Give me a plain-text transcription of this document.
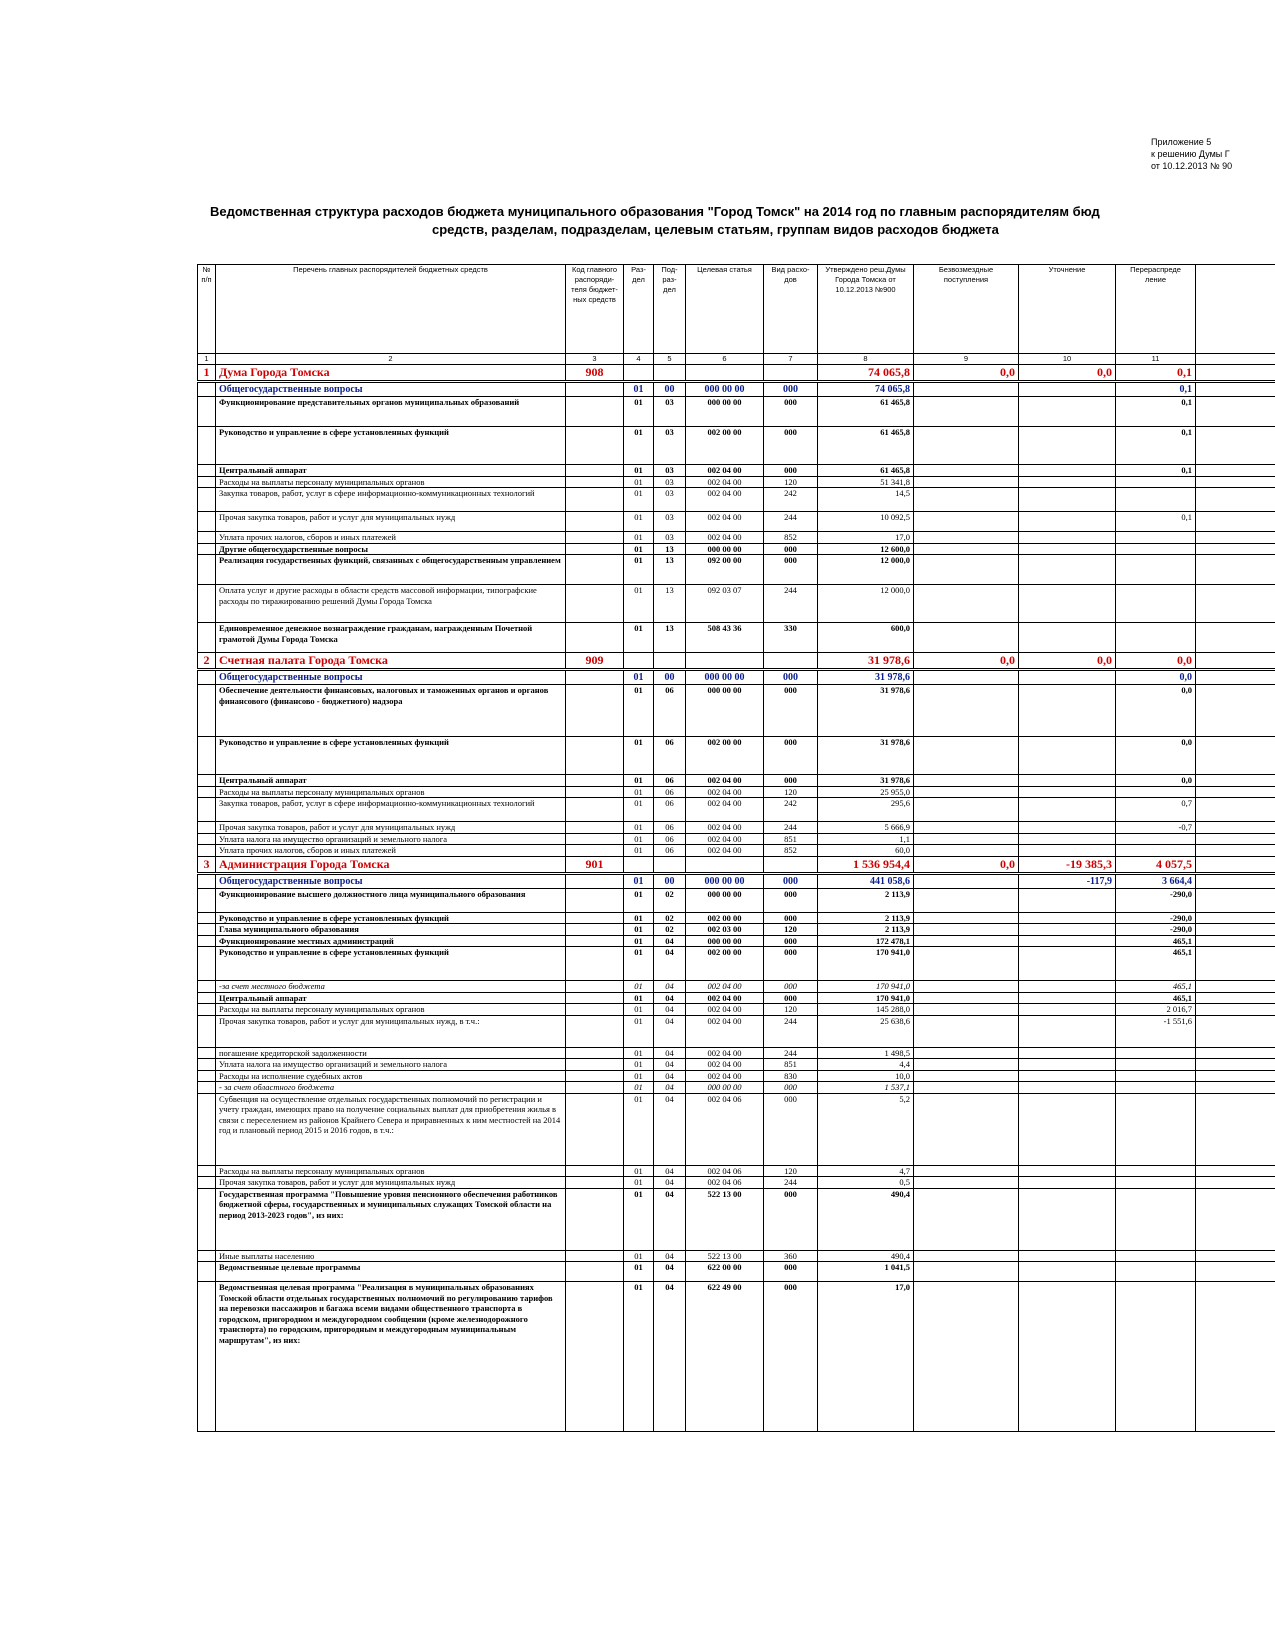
Приложение 5
к решению Думы Г
от 10.12.2013 № 90
Ведомственная структура расходов бюджета муниципального образования "Город Томск" на 2014 год по главным распорядителям бюд
средств, разделам, подразделам, целевым статьям, группам видов расходов бюджета
№ п/п	Перечень главных распорядителей бюджетных средств	Код главного распоряди-теля бюджет-ных средств	Раз-дел	Под-раз-дел	Целевая статья	Вид расхо-дов	Утверждено реш.Думы Города Томска от 10.12.2013 №900	Безвозмездные поступления	Уточнение	Перераспреде ление	
1	2	3	4	5	6	7	8	9	10	11	
1	Дума Города Томска	908					74 065,8	0,0	0,0	0,1	
	Общегосударственные вопросы		01	00	000 00 00	000	74 065,8			0,1	
	Функционирование представительных органов муниципальных образований		01	03	000 00 00	000	61 465,8			0,1	
	Руководство и управление в сфере установленных функций		01	03	002 00 00	000	61 465,8			0,1	
	Центральный аппарат		01	03	002 04 00	000	61 465,8			0,1	
	Расходы на выплаты персоналу муниципальных органов		01	03	002 04 00	120	51 341,8				
	Закупка товаров, работ, услуг в сфере информационно-коммуникационных технологий		01	03	002 04 00	242	14,5				
	Прочая закупка товаров, работ и услуг для муниципальных нужд		01	03	002 04 00	244	10 092,5			0,1	
	Уплата прочих налогов, сборов и иных платежей		01	03	002 04 00	852	17,0				
	Другие общегосударственные вопросы		01	13	000 00 00	000	12 600,0				
	Реализация государственных функций, связанных с общегосударственным управлением		01	13	092 00 00	000	12 000,0				
	Оплата услуг и другие расходы в области средств массовой информации, типографские расходы по тиражированию решений Думы Города Томска		01	13	092 03 07	244	12 000,0				
	Единовременное денежное вознаграждение гражданам, награжденным Почетной грамотой Думы Города Томска		01	13	508 43 36	330	600,0				
2	Счетная палата Города Томска	909					31 978,6	0,0	0,0	0,0	
	Общегосударственные вопросы		01	00	000 00 00	000	31 978,6			0,0	
	Обеспечение деятельности финансовых, налоговых и таможенных органов и органов финансового (финансово - бюджетного) надзора		01	06	000 00 00	000	31 978,6			0,0	
	Руководство и управление в сфере установленных функций		01	06	002 00 00	000	31 978,6			0,0	
	Центральный аппарат		01	06	002 04 00	000	31 978,6			0,0	
	Расходы на выплаты персоналу муниципальных органов		01	06	002 04 00	120	25 955,0				
	Закупка товаров, работ, услуг в сфере информационно-коммуникационных технологий		01	06	002 04 00	242	295,6			0,7	
	Прочая закупка товаров, работ и услуг для муниципальных нужд		01	06	002 04 00	244	5 666,9			-0,7	
	Уплата налога на имущество организаций и земельного налога		01	06	002 04 00	851	1,1				
	Уплата прочих налогов, сборов и иных платежей		01	06	002 04 00	852	60,0				
3	Администрация Города Томска	901					1 536 954,4	0,0	-19 385,3	4 057,5	
	Общегосударственные вопросы		01	00	000 00 00	000	441 058,6		-117,9	3 664,4	
	Функционирование высшего должностного лица муниципального образования		01	02	000 00 00	000	2 113,9			-290,0	
	Руководство и управление в сфере установленных функций		01	02	002 00 00	000	2 113,9			-290,0	
	Глава муниципального образования		01	02	002 03 00	120	2 113,9			-290,0	
	Функционирование местных администраций		01	04	000 00 00	000	172 478,1			465,1	
	Руководство и управление в сфере установленных функций		01	04	002 00 00	000	170 941,0			465,1	
	-за счет местного бюджета		01	04	002 04 00	000	170 941,0			465,1	
	Центральный аппарат		01	04	002 04 00	000	170 941,0			465,1	
	Расходы на выплаты персоналу муниципальных органов		01	04	002 04 00	120	145 288,0			2 016,7	
	Прочая закупка товаров, работ и услуг для муниципальных нужд, в т.ч.:		01	04	002 04 00	244	25 638,6			-1 551,6	
	погашение кредиторской задолженности		01	04	002 04 00	244	1 498,5				
	Уплата налога на имущество организаций и земельного налога		01	04	002 04 00	851	4,4				
	Расходы на исполнение судебных актов		01	04	002 04 00	830	10,0				
	- за счет областного бюджета		01	04	000 00 00	000	1 537,1				
	Субвенция на осуществление отдельных государственных полномочий по регистрации и учету граждан, имеющих право на получение социальных выплат для приобретения жилья в связи с переселением из районов Крайнего Севера и приравненных к ним местностей на 2014 год и плановый период 2015 и 2016 годов, в т.ч.:		01	04	002 04 06	000	5,2				
	Расходы на выплаты персоналу муниципальных органов		01	04	002 04 06	120	4,7				
	Прочая закупка товаров, работ и услуг для муниципальных нужд		01	04	002 04 06	244	0,5				
	Государственная программа "Повышение уровня пенсионного обеспечения работников бюджетной сферы, государственных и муниципальных служащих Томской области на период 2013-2023 годов", из них:		01	04	522 13 00	000	490,4				
	Иные выплаты населению		01	04	522 13 00	360	490,4				
	Ведомственные целевые программы		01	04	622 00 00	000	1 041,5				
	Ведомственная целевая программа "Реализация в муниципальных образованиях Томской области отдельных государственных полномочий по регулированию тарифов на перевозки пассажиров и багажа всеми видами общественного транспорта в городском, пригородном и междугородном сообщении (кроме железнодорожного транспорта) по городским, пригородным и междугородным муниципальным маршрутам", из них:		01	04	622 49 00	000	17,0				
